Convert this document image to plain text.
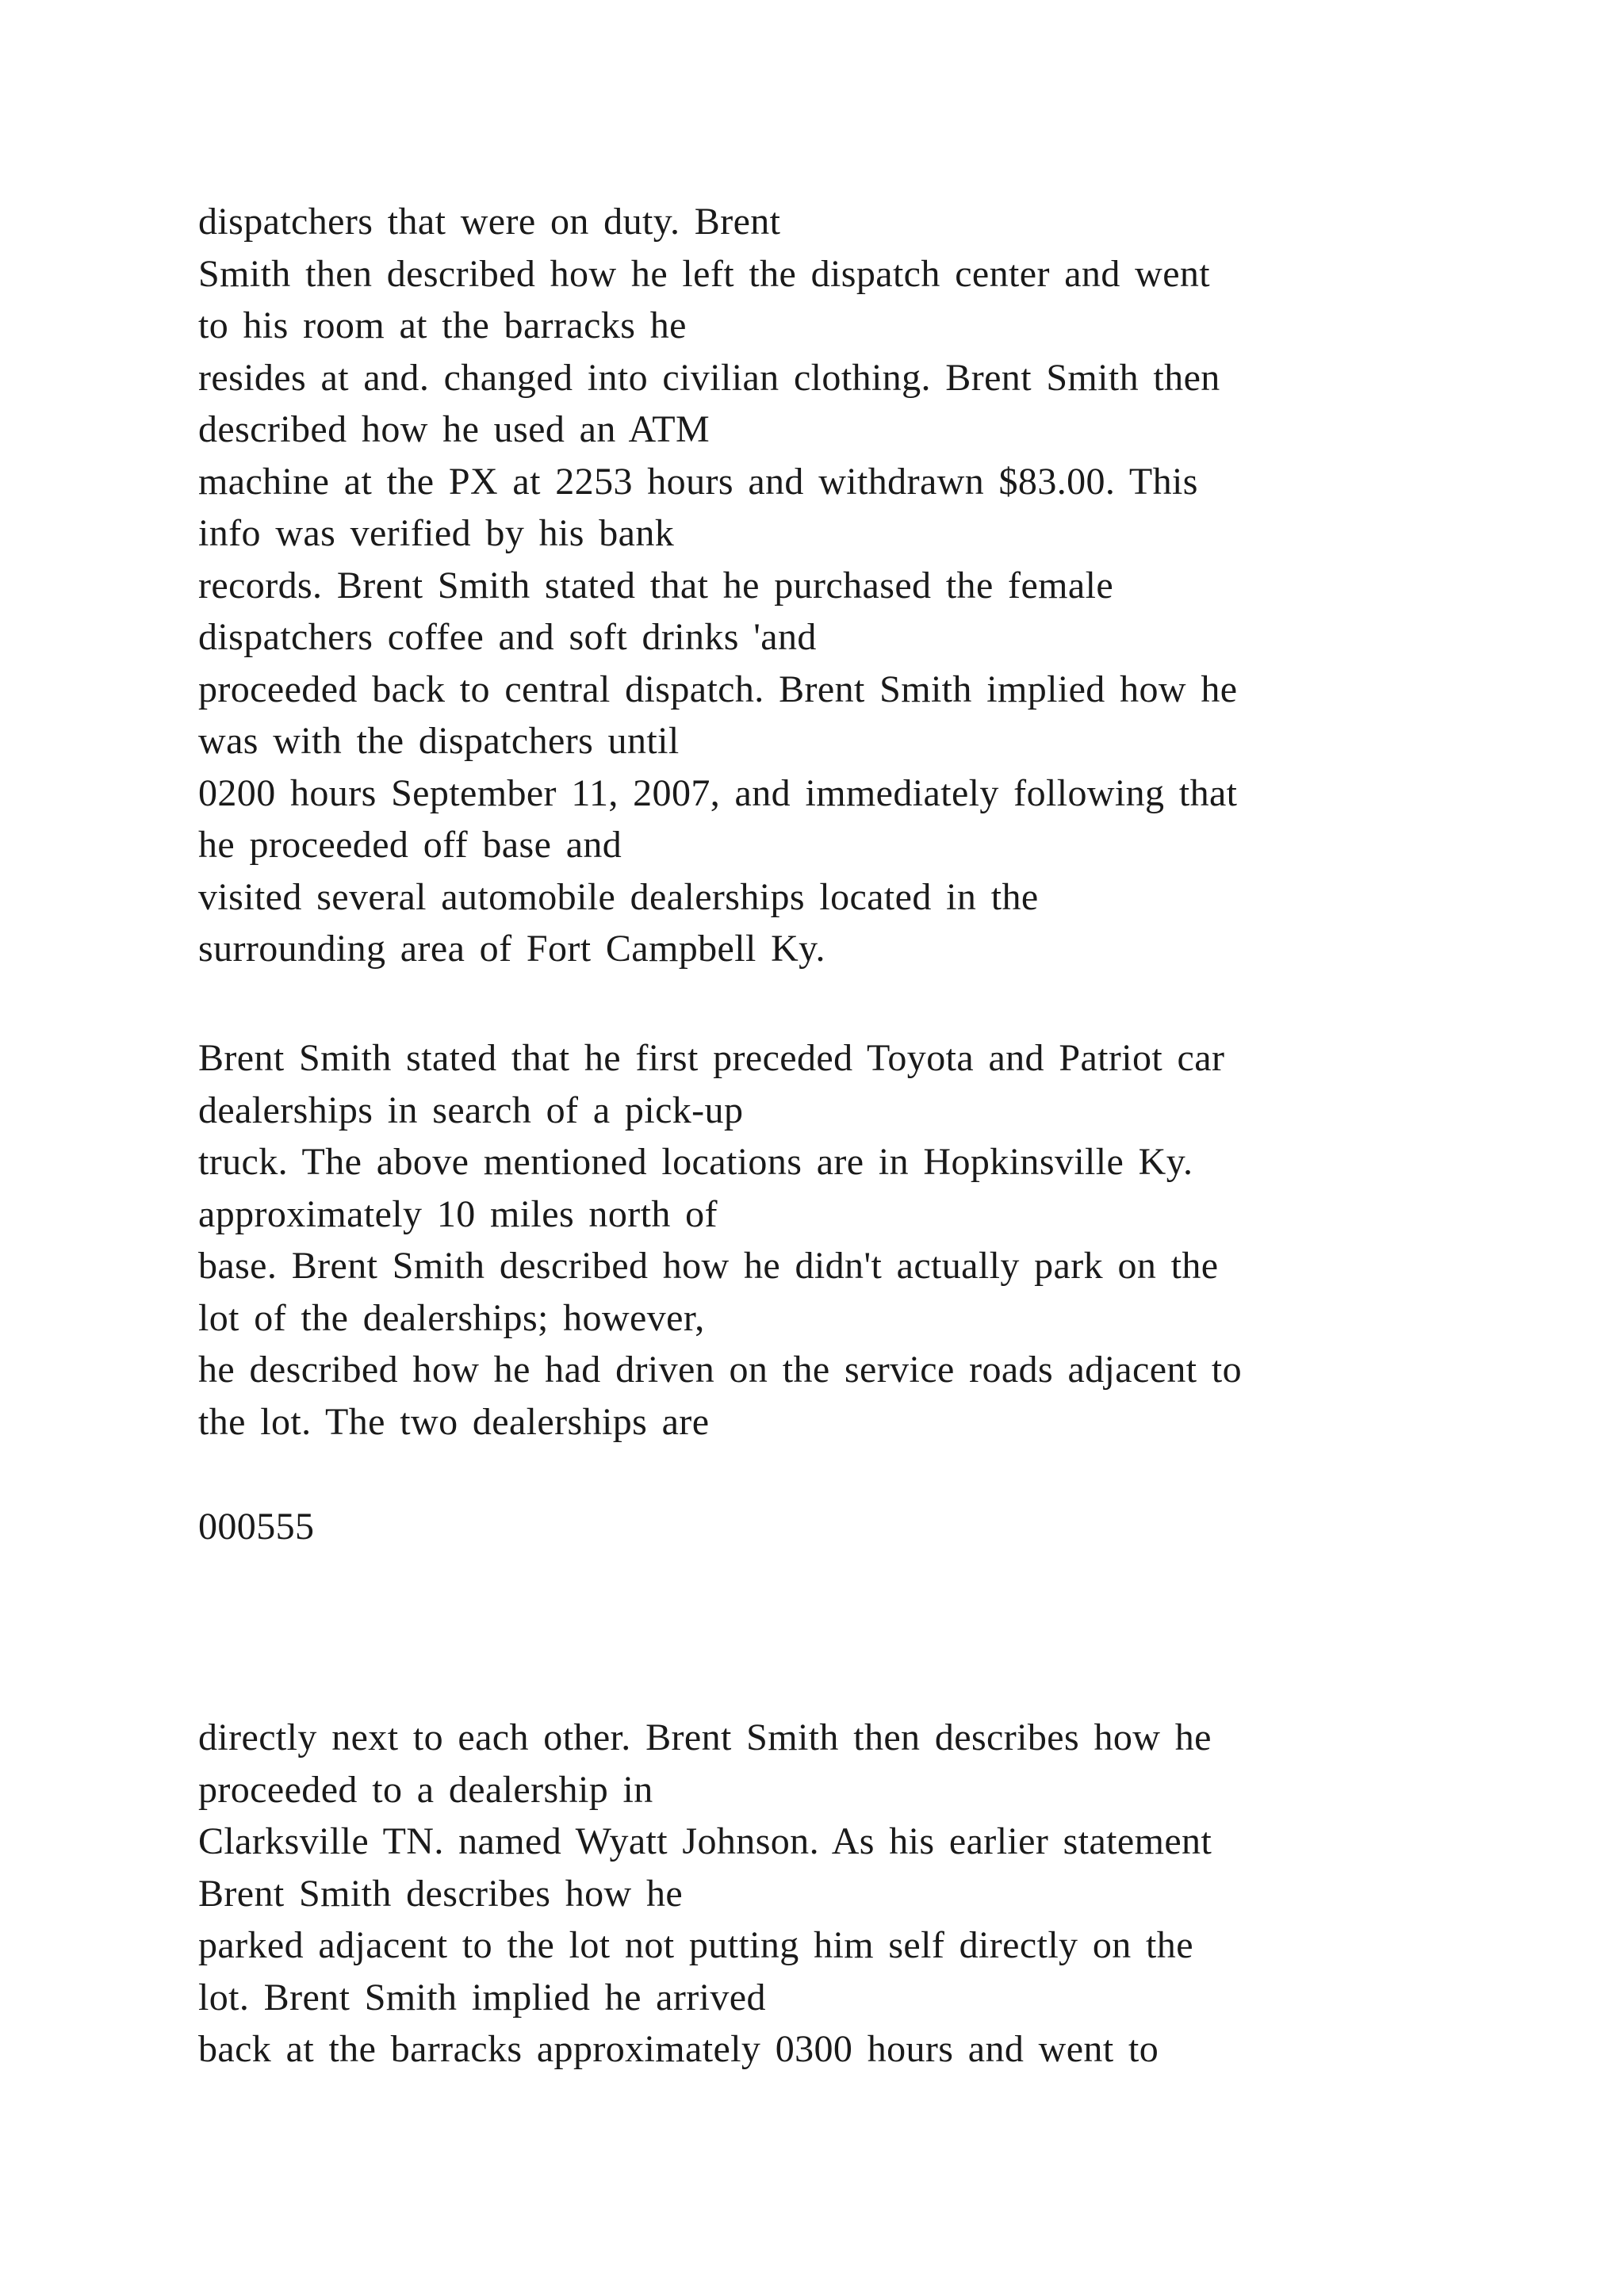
dispatchers that were on duty. Brent
Smith then described how he left the dispatch center and went
to his room at the barracks he
resides at and. changed into civilian clothing. Brent Smith then
described how he used an ATM
machine at the PX at 2253 hours and withdrawn $83.00. This
info was verified by his bank
records. Brent Smith stated that he purchased the female
dispatchers coffee and soft drinks 'and
proceeded back to central dispatch. Brent Smith implied how he
was with the dispatchers until
0200 hours September 11, 2007, and immediately following that
he proceeded off base and
visited several automobile dealerships located in the
surrounding area of Fort Campbell Ky.
Brent Smith stated that he first preceded Toyota and Patriot car
dealerships in search of a pick-up
truck. The above mentioned locations are in Hopkinsville Ky.
approximately 10 miles north of
base. Brent Smith described how he didn't actually park on the
lot of the dealerships; however,
he described how he had driven on the service roads adjacent to
the lot. The two dealerships are
000555
directly next to each other. Brent Smith then describes how he
proceeded to a dealership in
Clarksville TN. named Wyatt Johnson. As his earlier statement
Brent Smith describes how he
parked adjacent to the lot not putting him self directly on the
lot. Brent Smith implied he arrived
back at the barracks approximately 0300 hours and went to
